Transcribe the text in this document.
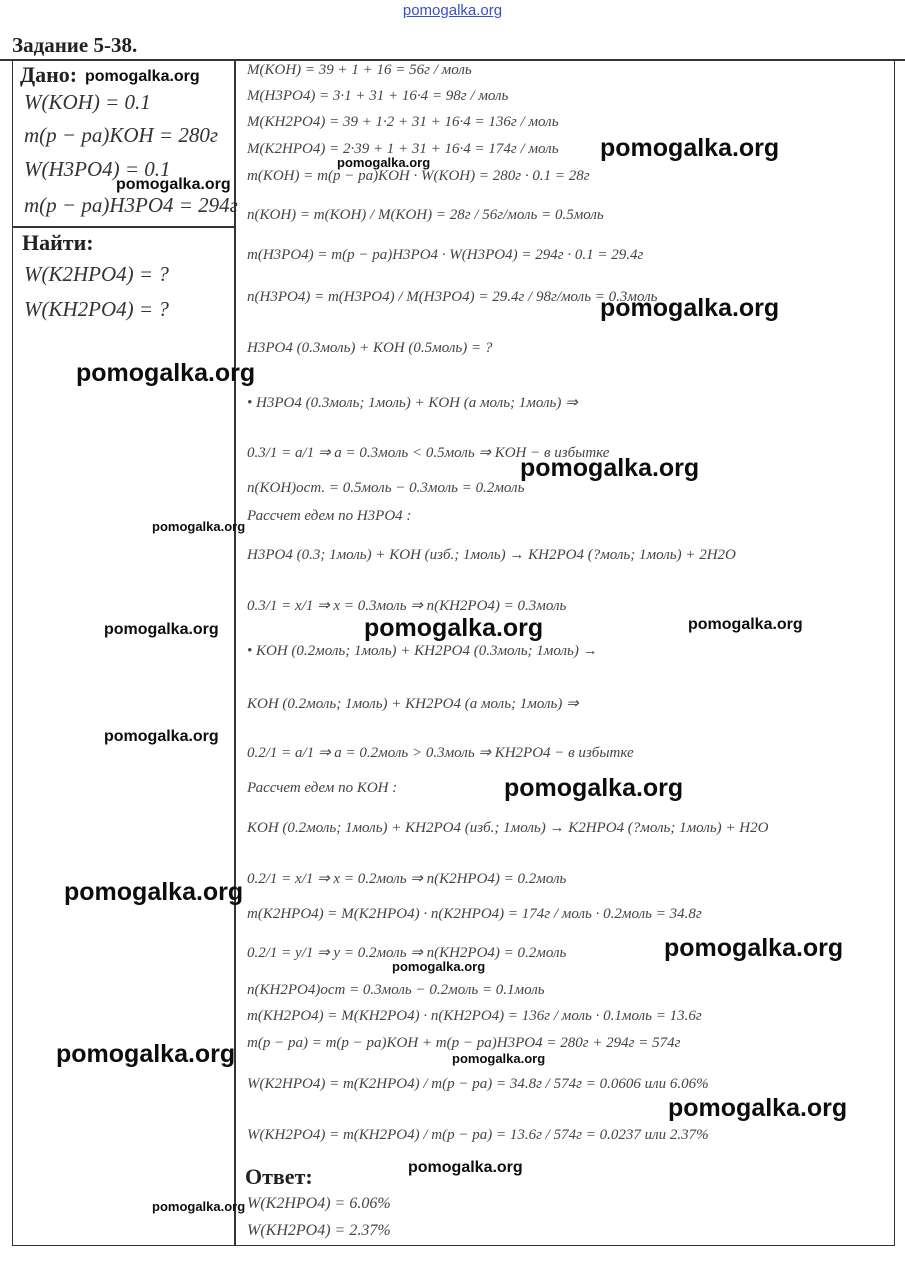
pomogalka.org
Задание 5-38.
Дано:
W(KOH) = 0.1
m(p − pa)KOH = 280г
W(H3PO4) = 0.1
m(p − pa)H3PO4 = 294г
Найти:
W(K2HPO4) = ?
W(KH2PO4) = ?
M(KOH) = 39 + 1 + 16 = 56г / моль
M(H3PO4) = 3·1 + 31 + 16·4 = 98г / моль
M(KH2PO4) = 39 + 1·2 + 31 + 16·4 = 136г / моль
M(K2HPO4) = 2·39 + 1 + 31 + 16·4 = 174г / моль
m(KOH) = m(p − pa)KOH · W(KOH) = 280г · 0.1 = 28г
n(KOH) = m(KOH) / M(KOH) = 28г / 56г/моль = 0.5моль
m(H3PO4) = m(p − pa)H3PO4 · W(H3PO4) = 294г · 0.1 = 29.4г
n(H3PO4) = m(H3PO4) / M(H3PO4) = 29.4г / 98г/моль = 0.3моль
H3PO4 (0.3моль) + KOH (0.5моль) = ?
• H3PO4 (0.3моль; 1моль) + KOH (а моль; 1моль) ⇒
0.3/1 = a/1 ⇒ a = 0.3моль < 0.5моль ⇒ KOH − в избытке
n(KOH)ост. = 0.5моль − 0.3моль = 0.2моль
Рассчет едем по H3PO4 :
H3PO4 (0.3; 1моль) + KOH (изб.; 1моль) → KH2PO4 (?моль; 1моль) + 2H2O
0.3/1 = x/1 ⇒ x = 0.3моль ⇒ n(KH2PO4) = 0.3моль
• KOH (0.2моль; 1моль) + KH2PO4 (0.3моль; 1моль) →
KOH (0.2моль; 1моль) + KH2PO4 (а моль; 1моль) ⇒
0.2/1 = a/1 ⇒ a = 0.2моль > 0.3моль ⇒ KH2PO4 − в избытке
Рассчет едем по KOH :
KOH (0.2моль; 1моль) + KH2PO4 (изб.; 1моль) → K2HPO4 (?моль; 1моль) + H2O
0.2/1 = x/1 ⇒ x = 0.2моль ⇒ n(K2HPO4) = 0.2моль
m(K2HPO4) = M(K2HPO4) · n(K2HPO4) = 174г / моль · 0.2моль = 34.8г
0.2/1 = y/1 ⇒ y = 0.2моль ⇒ n(KH2PO4) = 0.2моль
n(KH2PO4)ост = 0.3моль − 0.2моль = 0.1моль
m(KH2PO4) = M(KH2PO4) · n(KH2PO4) = 136г / моль · 0.1моль = 13.6г
m(p − pa) = m(p − pa)KOH + m(p − pa)H3PO4 = 280г + 294г = 574г
W(K2HPO4) = m(K2HPO4) / m(p − pa) = 34.8г / 574г = 0.0606 или 6.06%
W(KH2PO4) = m(KH2PO4) / m(p − pa) = 13.6г / 574г = 0.0237 или 2.37%
Ответ:
W(K2HPO4) = 6.06%
W(KH2PO4) = 2.37%
pomogalka.org
pomogalka.org
pomogalka.org
pomogalka.org
pomogalka.org
pomogalka.org
pomogalka.org
pomogalka.org
pomogalka.org	pomogalka.org	pomogalka.org
pomogalka.org
pomogalka.org
pomogalka.org
pomogalka.org
pomogalka.org
pomogalka.org	pomogalka.org
pomogalka.org
pomogalka.org
pomogalka.org
